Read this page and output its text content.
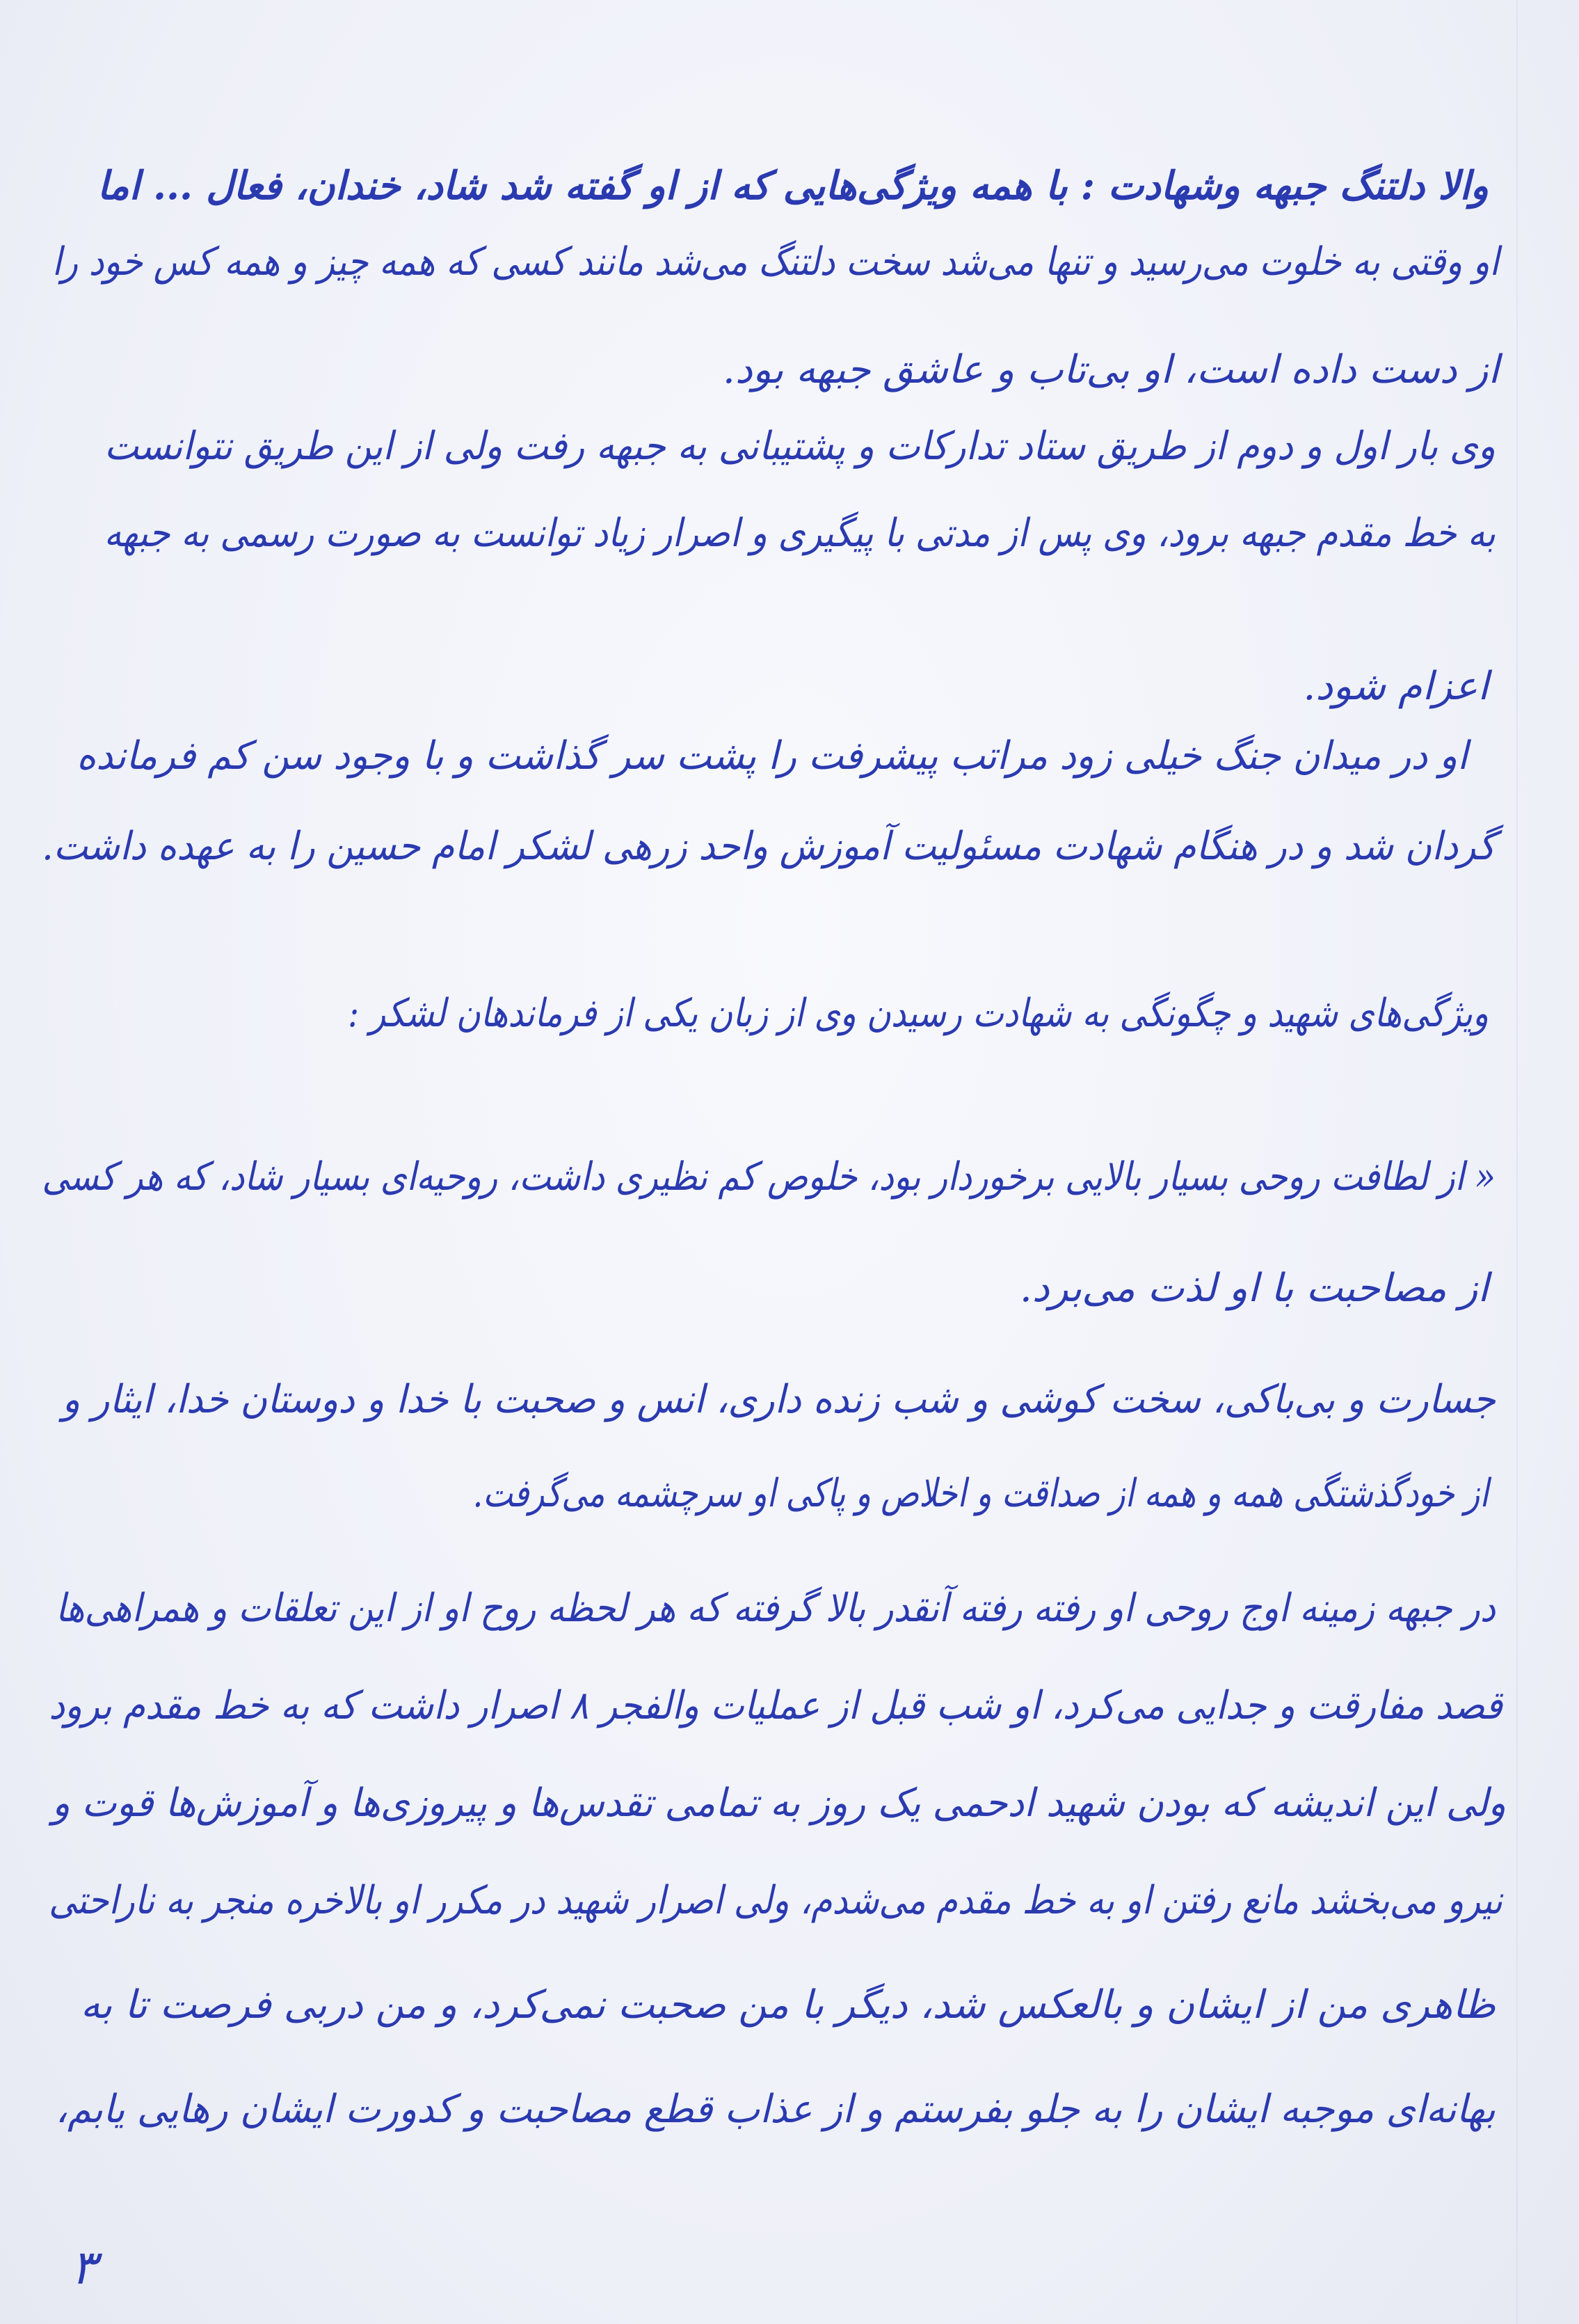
والا دلتنگ جبهه وشهادت : با همه ویژگی‌هایی که از او گفته شد شاد، خندان، فعال ... اما
او وقتی به خلوت می‌رسید و تنها می‌شد سخت دلتنگ می‌شد مانند کسی که همه چیز و همه کس خود را
از دست داده است، او بی‌تاب و عاشق جبهه بود.
وی بار اول و دوم از طریق ستاد تدارکات و پشتیبانی به جبهه رفت ولی از این طریق نتوانست
به خط مقدم جبهه برود، وی پس از مدتی با پیگیری و اصرار زیاد توانست به صورت رسمی به جبهه
اعزام شود.
او در میدان جنگ خیلی زود مراتب پیشرفت را پشت سر گذاشت و با وجود سن کم فرمانده
گردان شد و در هنگام شهادت مسئولیت آموزش واحد زرهی لشکر امام حسین را به عهده داشت.
ویژگی‌های شهید و چگونگی به شهادت رسیدن وی از زبان یکی از فرماندهان لشکر :
« از لطافت روحی بسیار بالایی برخوردار بود، خلوص کم نظیری داشت، روحیه‌ای بسیار شاد، که هر کسی
از مصاحبت با او لذت می‌برد.
جسارت و بی‌باکی، سخت کوشی و شب زنده داری، انس و صحبت با خدا و دوستان خدا، ایثار و
از خودگذشتگی همه و همه از صداقت و اخلاص و پاکی او سرچشمه می‌گرفت.
در جبهه زمینه اوج روحی او رفته رفته آنقدر بالا گرفته که هر لحظه روح او از این تعلقات و همراهی‌ها
قصد مفارقت و جدایی می‌کرد، او شب قبل از عملیات والفجر ۸ اصرار داشت که به خط مقدم برود
ولی این اندیشه که بودن شهید ادحمی یک روز به تمامی تقدس‌ها و پیروزی‌ها و آموزش‌ها قوت و
نیرو می‌بخشد مانع رفتن او به خط مقدم می‌شدم، ولی اصرار شهید در مکرر او بالاخره منجر به ناراحتی
ظاهری من از ایشان و بالعکس شد، دیگر با من صحبت نمی‌کرد، و من دربی فرصت تا به
بهانه‌ای موجبه ایشان را به جلو بفرستم و از عذاب قطع مصاحبت و کدورت ایشان رهایی یابم،
۳
